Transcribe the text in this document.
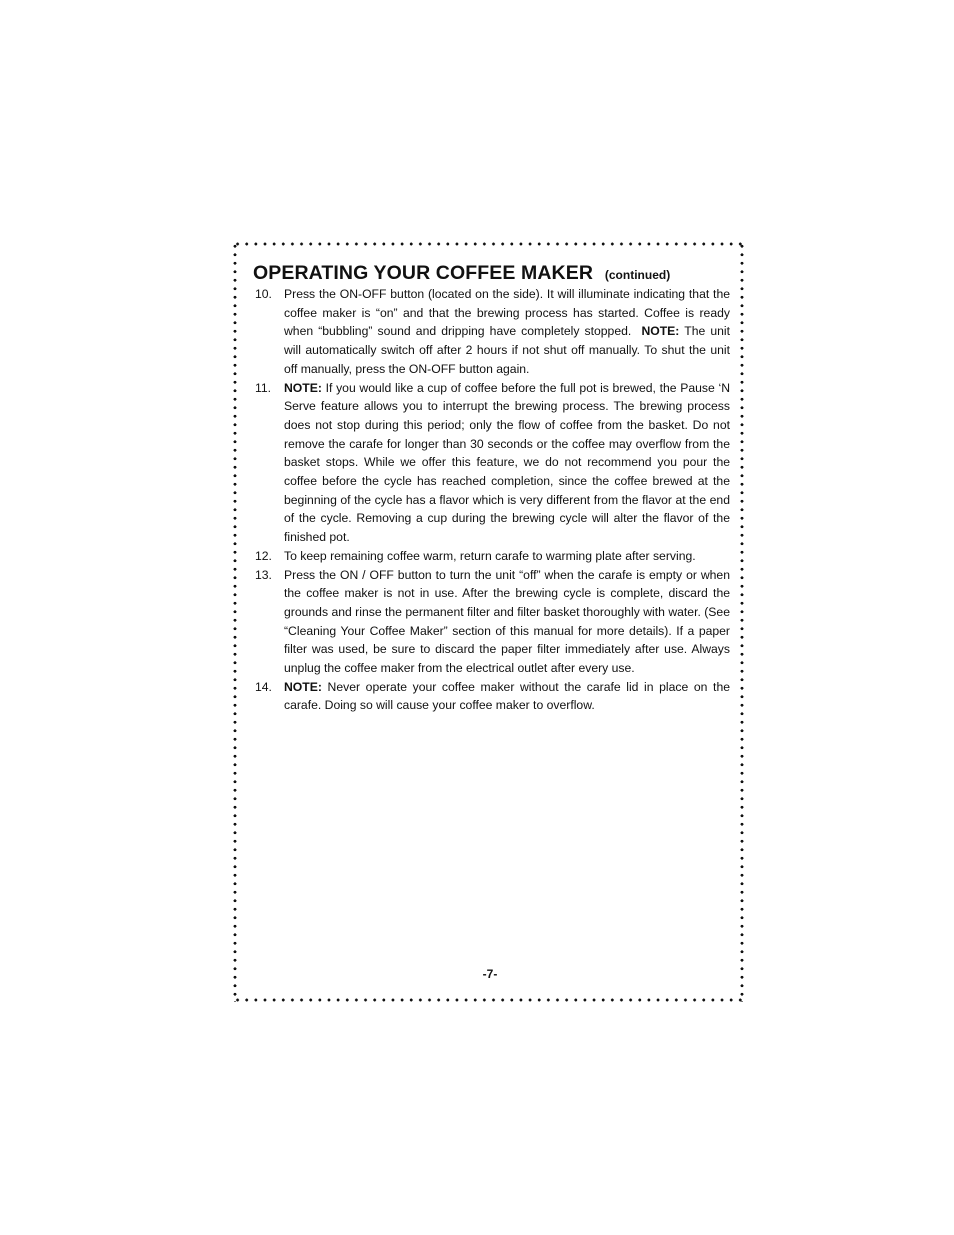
OPERATING YOUR COFFEE MAKER (continued)
10. Press the ON-OFF button (located on the side). It will illuminate indicating that the coffee maker is “on” and that the brewing process has started. Coffee is ready when “bubbling” sound and dripping have completely stopped. NOTE: The unit will automatically switch off after 2 hours if not shut off manually. To shut the unit off manually, press the ON-OFF button again.
11. NOTE: If you would like a cup of coffee before the full pot is brewed, the Pause ‘N Serve feature allows you to interrupt the brewing process. The brewing process does not stop during this period; only the flow of coffee from the basket. Do not remove the carafe for longer than 30 seconds or the coffee may overflow from the basket stops. While we offer this feature, we do not recommend you pour the coffee before the cycle has reached completion, since the coffee brewed at the beginning of the cycle has a flavor which is very different from the flavor at the end of the cycle. Removing a cup during the brewing cycle will alter the flavor of the finished pot.
12. To keep remaining coffee warm, return carafe to warming plate after serving.
13. Press the ON / OFF button to turn the unit “off” when the carafe is empty or when the coffee maker is not in use. After the brewing cycle is complete, discard the grounds and rinse the permanent filter and filter basket thoroughly with water. (See “Cleaning Your Coffee Maker” section of this manual for more details). If a paper filter was used, be sure to discard the paper filter immediately after use. Always unplug the coffee maker from the electrical outlet after every use.
14. NOTE: Never operate your coffee maker without the carafe lid in place on the carafe. Doing so will cause your coffee maker to overflow.
-7-
